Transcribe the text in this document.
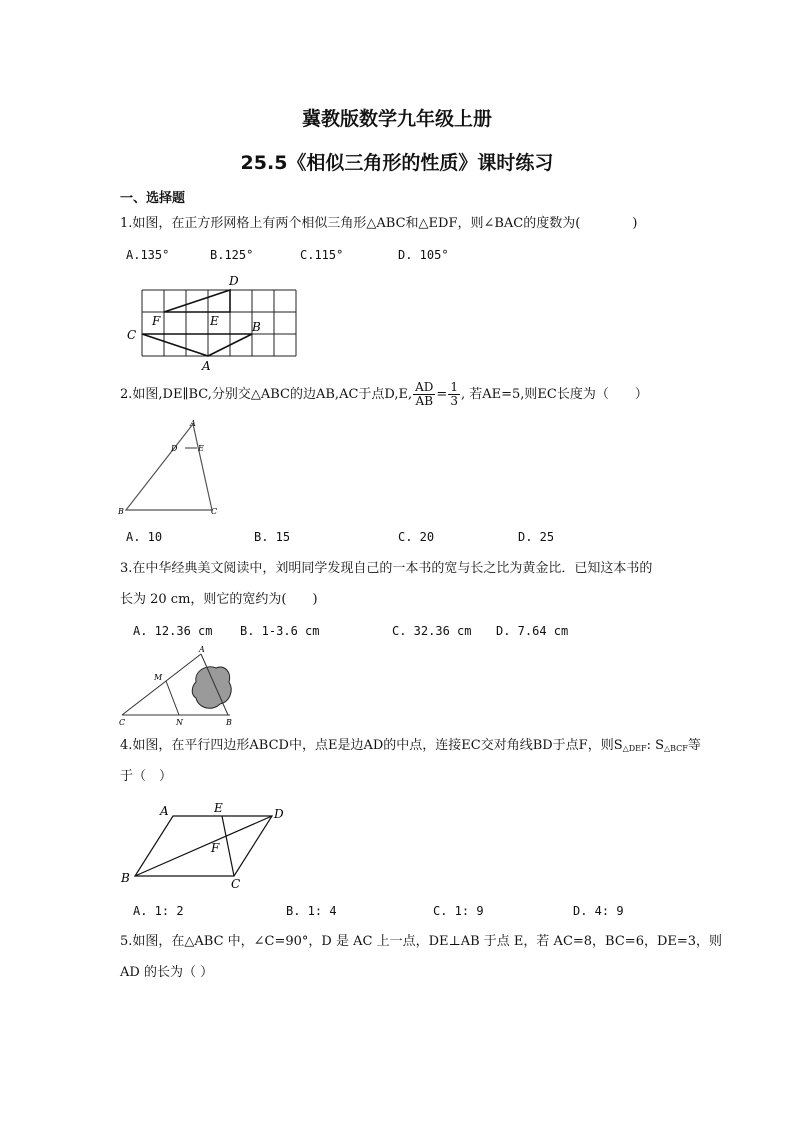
冀教版数学九年级上册
25.5《相似三角形的性质》课时练习
一、选择题
1.如图，在正方形网格上有两个相似三角形△ABC和△EDF，则∠BAC的度数为(　　　　)
A.135°	B.125°	C.115°	D. 105°
D
F	E	B
C
A
2.如图,DE∥BC,分别交△ABC的边AB,AC于点D,E, $\frac{AD}{AB} = \frac{1}{3}$ , 若AE=5,则EC长度为（　　）
A
D	E
B	C
A. 10	B. 15	C. 20	D. 25
3.在中华经典美文阅读中，刘明同学发现自己的一本书的宽与长之比为黄金比．已知这本书的
长为 20 cm，则它的宽约为(　　)
A. 12.36 cm B. 1-3.6 cm	C. 32.36 cm D. 7.64 cm
A
M
C	N	B
4.如图，在平行四边形ABCD中，点E是边AD的中点，连接EC交对角线BD于点F，则$S_{\triangle DEF}$: $S_{\triangle BCF}$等
于（　）
A	E	D
F
B	C
A. 1: 2	B. 1: 4	C. 1: 9	D. 4: 9
5.如图，在△ABC 中，∠C=90°，D 是 AC 上一点，DE⊥AB 于点 E，若 AC=8，BC=6，DE=3，则
AD 的长为（ ）
